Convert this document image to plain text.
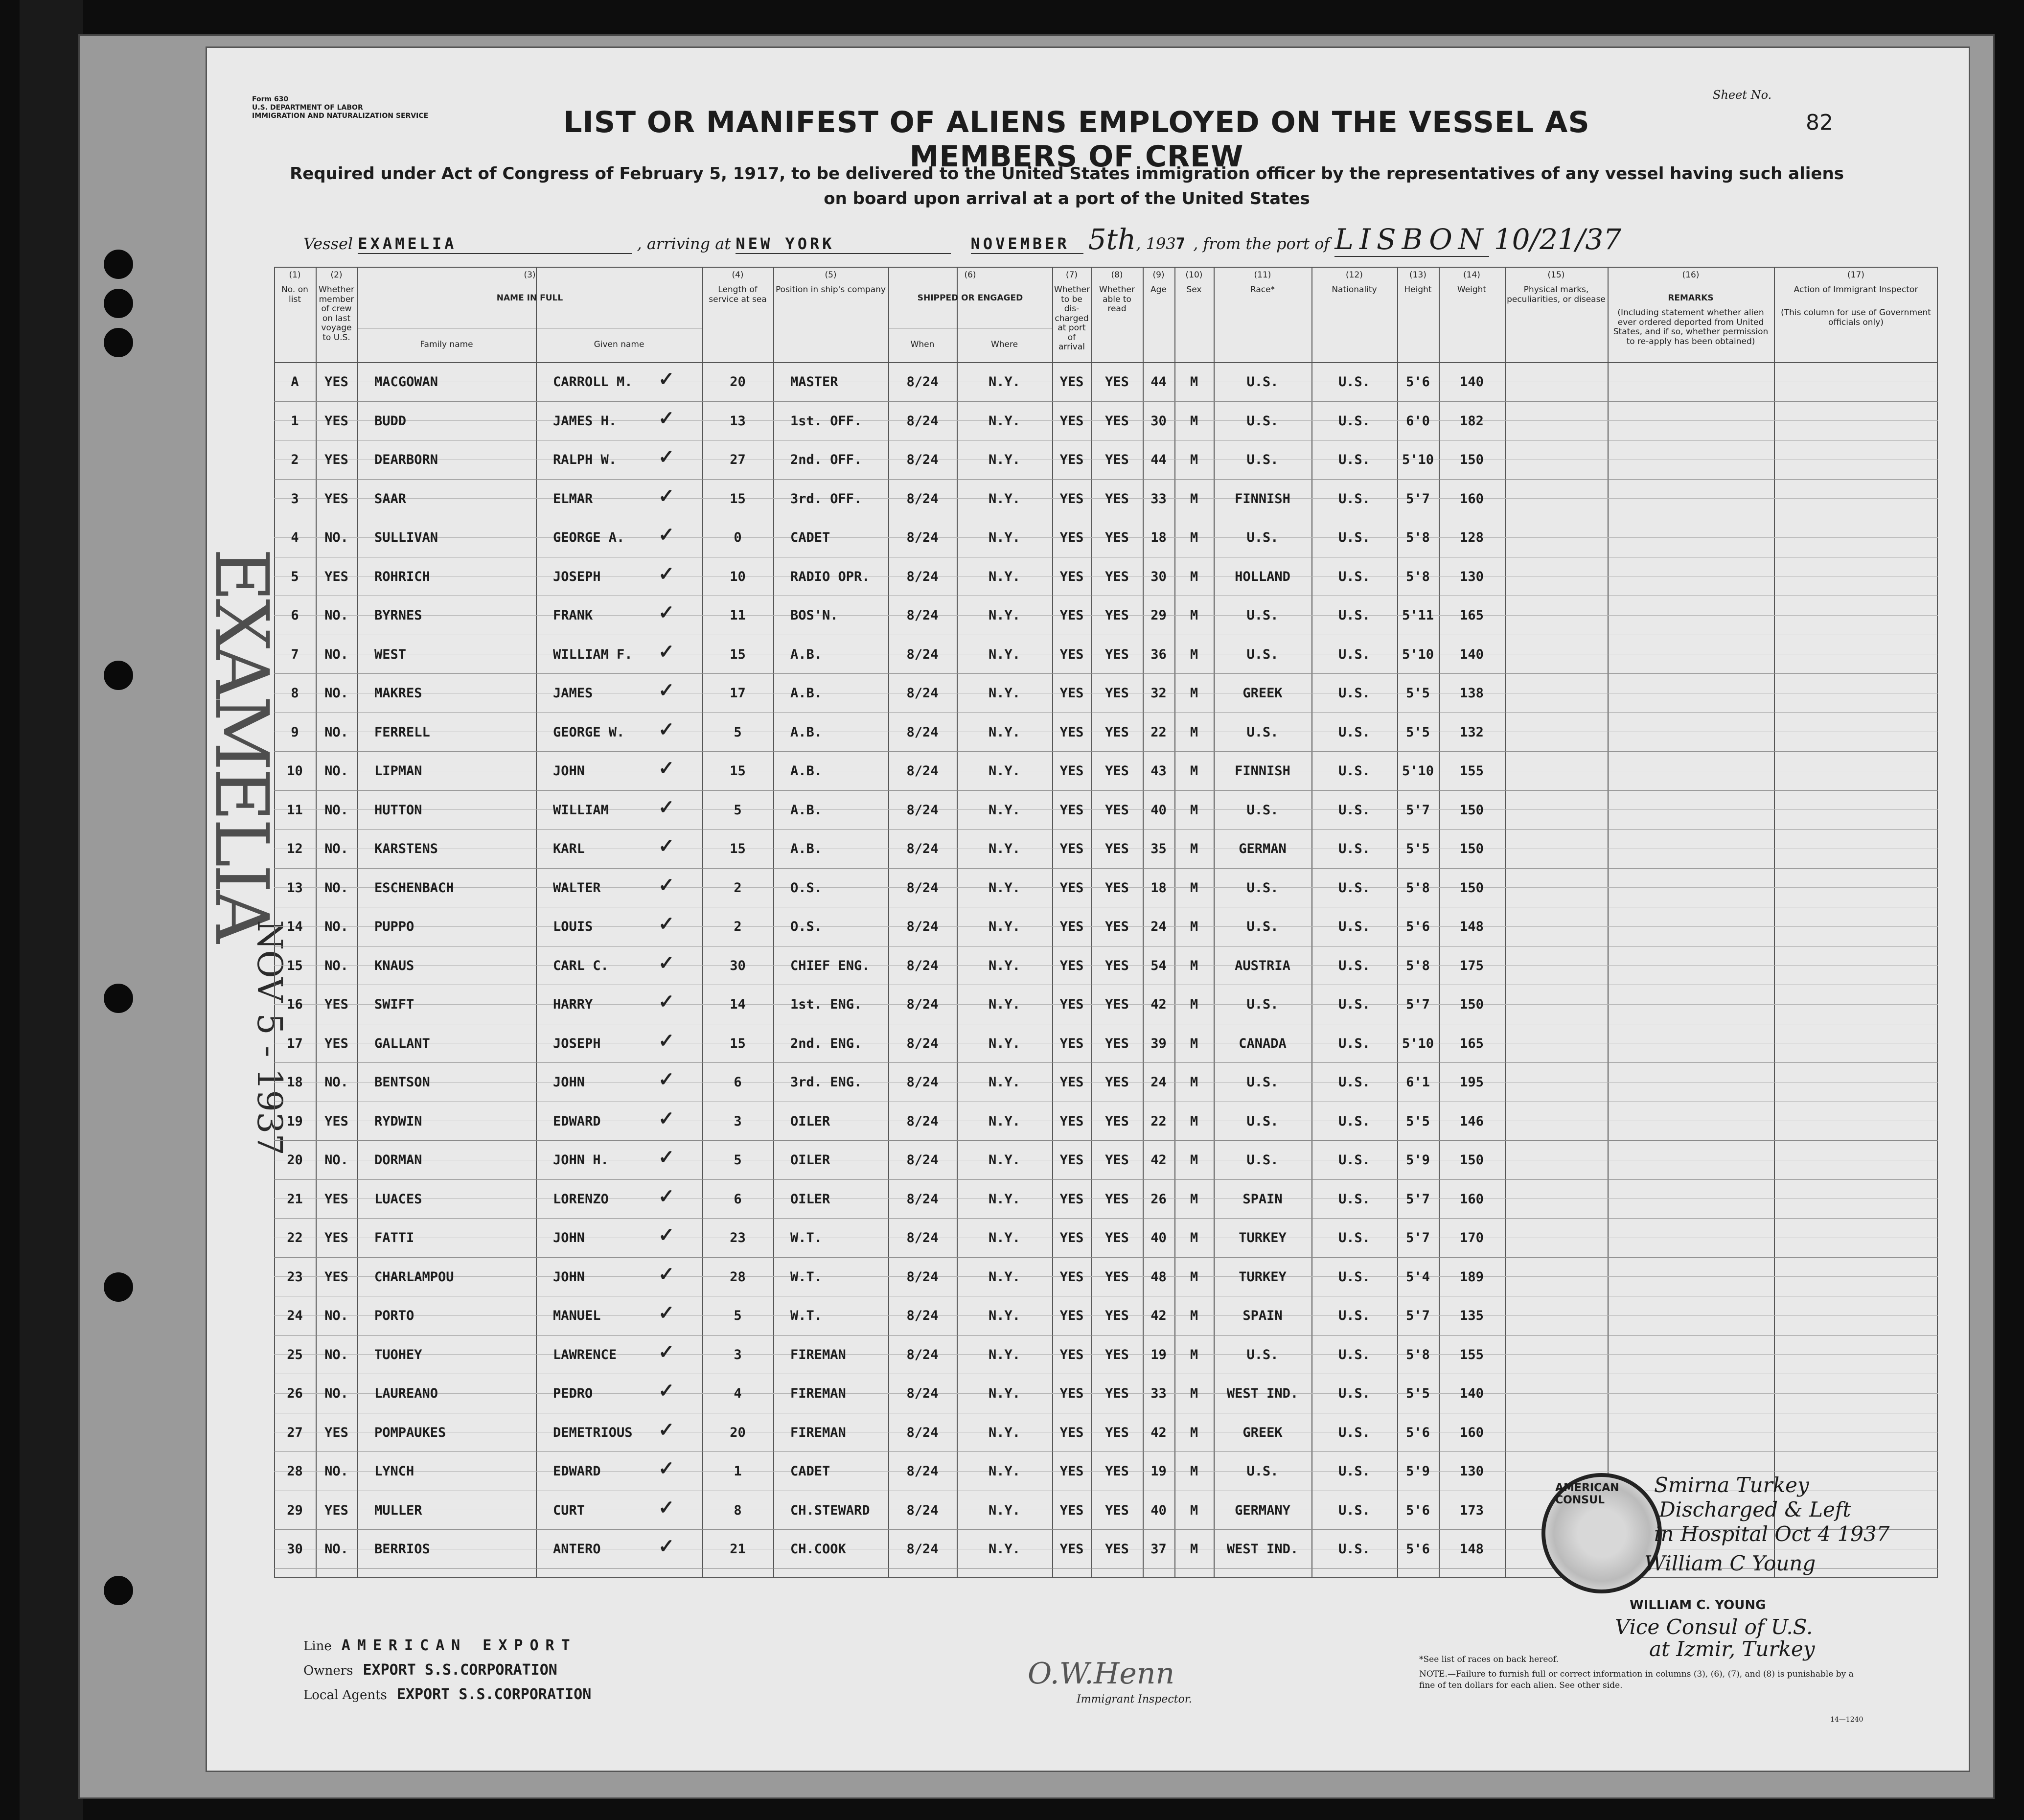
Form 630
U.S. DEPARTMENT OF LABOR
IMMIGRATION AND NATURALIZATION SERVICE	LIST OR MANIFEST OF ALIENS EMPLOYED ON THE VESSEL AS MEMBERS OF CREW
Required under Act of Congress of February 5, 1917, to be delivered to the United States immigration officer by the representatives of any vessel having such aliens on board upon arrival at a port of the United States
Sheet No.
82
Vessel EXAMELIA	, arriving at NEW YORK	NOVEMBER 5th, 1937 , from the port of LISBON 10/21/37
EXAMELIA
NOV 5 - 1937
(1)
No. on list
(2)
Whether member of crew on last voyage to U.S.
(3)
NAME IN FULL
Family name	Given name
(4)
Length of service at sea
(5)
Position in ship's company
(6)
SHIPPED OR ENGAGED
When	Where
(7)
Whether to be dis-charged at port of arrival
(8)
Whether able to read
(9)
Age
(10)
Sex
(11)
Race*
(12)
Nationality
(13)
Height
(14)
Weight
(15)
Physical marks, peculiarities, or disease
(16)
REMARKS
(Including statement whether alien ever ordered deported from United States, and if so, whether permission to re-apply has been obtained)
(17)
Action of Immigrant Inspector
(This column for use of Government officials only)
A	YES	MACGOWAN	CARROLL M.	20	MASTER	8/24	N.Y.	YES	YES	44	M	U.S.	U.S.	5'6	140
✓
1	YES	BUDD	JAMES H.	13	1st. OFF.	8/24	N.Y.	YES	YES	30	M	U.S.	U.S.	6'0	182
✓
2	YES	DEARBORN	RALPH W.	27	2nd. OFF.	8/24	N.Y.	YES	YES	44	M	U.S.	U.S.	5'10	150
✓
3	YES	SAAR	ELMAR	15	3rd. OFF.	8/24	N.Y.	YES	YES	33	M	FINNISH	U.S.	5'7	160
✓
4	NO.	SULLIVAN	GEORGE A.	0	CADET	8/24	N.Y.	YES	YES	18	M	U.S.	U.S.	5'8	128
✓
5	YES	ROHRICH	JOSEPH	10	RADIO OPR.	8/24	N.Y.	YES	YES	30	M	HOLLAND	U.S.	5'8	130
✓
6	NO.	BYRNES	FRANK	11	BOS'N.	8/24	N.Y.	YES	YES	29	M	U.S.	U.S.	5'11	165
✓
7	NO.	WEST	WILLIAM F.	15	A.B.	8/24	N.Y.	YES	YES	36	M	U.S.	U.S.	5'10	140
✓
8	NO.	MAKRES	JAMES	17	A.B.	8/24	N.Y.	YES	YES	32	M	GREEK	U.S.	5'5	138
✓
9	NO.	FERRELL	GEORGE W.	5	A.B.	8/24	N.Y.	YES	YES	22	M	U.S.	U.S.	5'5	132
✓
10	NO.	LIPMAN	JOHN	15	A.B.	8/24	N.Y.	YES	YES	43	M	FINNISH	U.S.	5'10	155
✓
11	NO.	HUTTON	WILLIAM	5	A.B.	8/24	N.Y.	YES	YES	40	M	U.S.	U.S.	5'7	150
✓
12	NO.	KARSTENS	KARL	15	A.B.	8/24	N.Y.	YES	YES	35	M	GERMAN	U.S.	5'5	150
✓
13	NO.	ESCHENBACH	WALTER	2	O.S.	8/24	N.Y.	YES	YES	18	M	U.S.	U.S.	5'8	150
✓
14	NO.	PUPPO	LOUIS	2	O.S.	8/24	N.Y.	YES	YES	24	M	U.S.	U.S.	5'6	148
✓
15	NO.	KNAUS	CARL C.	30	CHIEF ENG.	8/24	N.Y.	YES	YES	54	M	AUSTRIA	U.S.	5'8	175
✓
16	YES	SWIFT	HARRY	14	1st. ENG.	8/24	N.Y.	YES	YES	42	M	U.S.	U.S.	5'7	150
✓
17	YES	GALLANT	JOSEPH	15	2nd. ENG.	8/24	N.Y.	YES	YES	39	M	CANADA	U.S.	5'10	165
✓
18	NO.	BENTSON	JOHN	6	3rd. ENG.	8/24	N.Y.	YES	YES	24	M	U.S.	U.S.	6'1	195
✓
19	YES	RYDWIN	EDWARD	3	OILER	8/24	N.Y.	YES	YES	22	M	U.S.	U.S.	5'5	146
✓
20	NO.	DORMAN	JOHN H.	5	OILER	8/24	N.Y.	YES	YES	42	M	U.S.	U.S.	5'9	150
✓
21	YES	LUACES	LORENZO	6	OILER	8/24	N.Y.	YES	YES	26	M	SPAIN	U.S.	5'7	160
✓
22	YES	FATTI	JOHN	23	W.T.	8/24	N.Y.	YES	YES	40	M	TURKEY	U.S.	5'7	170
✓
23	YES	CHARLAMPOU	JOHN	28	W.T.	8/24	N.Y.	YES	YES	48	M	TURKEY	U.S.	5'4	189
✓
24	NO.	PORTO	MANUEL	5	W.T.	8/24	N.Y.	YES	YES	42	M	SPAIN	U.S.	5'7	135
✓
25	NO.	TUOHEY	LAWRENCE	3	FIREMAN	8/24	N.Y.	YES	YES	19	M	U.S.	U.S.	5'8	155
✓
26	NO.	LAUREANO	PEDRO	4	FIREMAN	8/24	N.Y.	YES	YES	33	M	WEST IND.	U.S.	5'5	140
✓
27	YES	POMPAUKES	DEMETRIOUS	20	FIREMAN	8/24	N.Y.	YES	YES	42	M	GREEK	U.S.	5'6	160
✓
28	NO.	LYNCH	EDWARD	1	CADET	8/24	N.Y.	YES	YES	19	M	U.S.	U.S.	5'9	130
✓
29	YES	MULLER	CURT	8	CH.STEWARD	8/24	N.Y.	YES	YES	40	M	GERMANY	U.S.	5'6	173
✓
30	NO.	BERRIOS	ANTERO	21	CH.COOK	8/24	N.Y.	YES	YES	37	M	WEST IND.	U.S.	5'6	148
✓
Line AMERICAN EXPORT
Owners EXPORT S.S.CORPORATION
Local Agents EXPORT S.S.CORPORATION
O.W.Henn
Immigrant Inspector.
*See list of races on back hereof.
NOTE.—Failure to furnish full or correct information in columns (3), (6), (7), and (8) is punishable by a fine of ten dollars for each alien. See other side.
14—1240
AMERICAN CONSUL
Smirna Turkey
Discharged & Left
in Hospital Oct 4 1937
William C Young
WILLIAM C. YOUNG
Vice Consul of U.S.
at Izmir, Turkey
